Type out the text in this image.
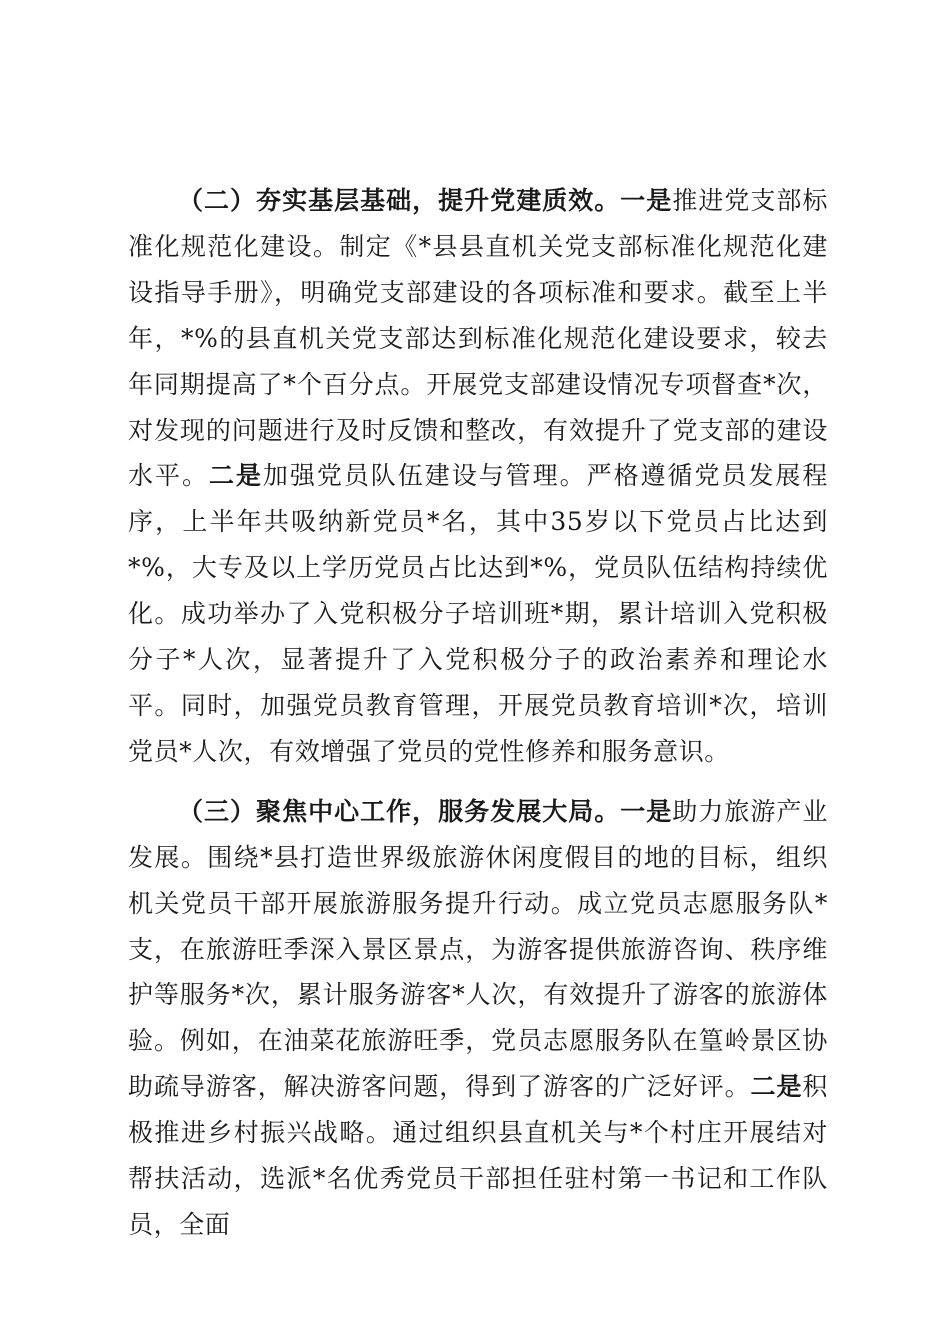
（二）夯实基层基础，提升党建质效。一是推进党支部标准化规范化建设。制定《*县县直机关党支部标准化规范化建设指导手册》，明确党支部建设的各项标准和要求。截至上半年，*%的县直机关党支部达到标准化规范化建设要求，较去年同期提高了*个百分点。开展党支部建设情况专项督查*次，对发现的问题进行及时反馈和整改，有效提升了党支部的建设水平。二是加强党员队伍建设与管理。严格遵循党员发展程序，上半年共吸纳新党员*名，其中35岁以下党员占比达到*%，大专及以上学历党员占比达到*%，党员队伍结构持续优化。成功举办了入党积极分子培训班*期，累计培训入党积极分子*人次，显著提升了入党积极分子的政治素养和理论水平。同时，加强党员教育管理，开展党员教育培训*次，培训党员*人次，有效增强了党员的党性修养和服务意识。

（三）聚焦中心工作，服务发展大局。一是助力旅游产业发展。围绕*县打造世界级旅游休闲度假目的地的目标，组织机关党员干部开展旅游服务提升行动。成立党员志愿服务队*支，在旅游旺季深入景区景点，为游客提供旅游咨询、秩序维护等服务*次，累计服务游客*人次，有效提升了游客的旅游体验。例如，在油菜花旅游旺季，党员志愿服务队在篁岭景区协助疏导游客，解决游客问题，得到了游客的广泛好评。二是积极推进乡村振兴战略。通过组织县直机关与*个村庄开展结对帮扶活动，选派*名优秀党员干部担任驻村第一书记和工作队员，全面
